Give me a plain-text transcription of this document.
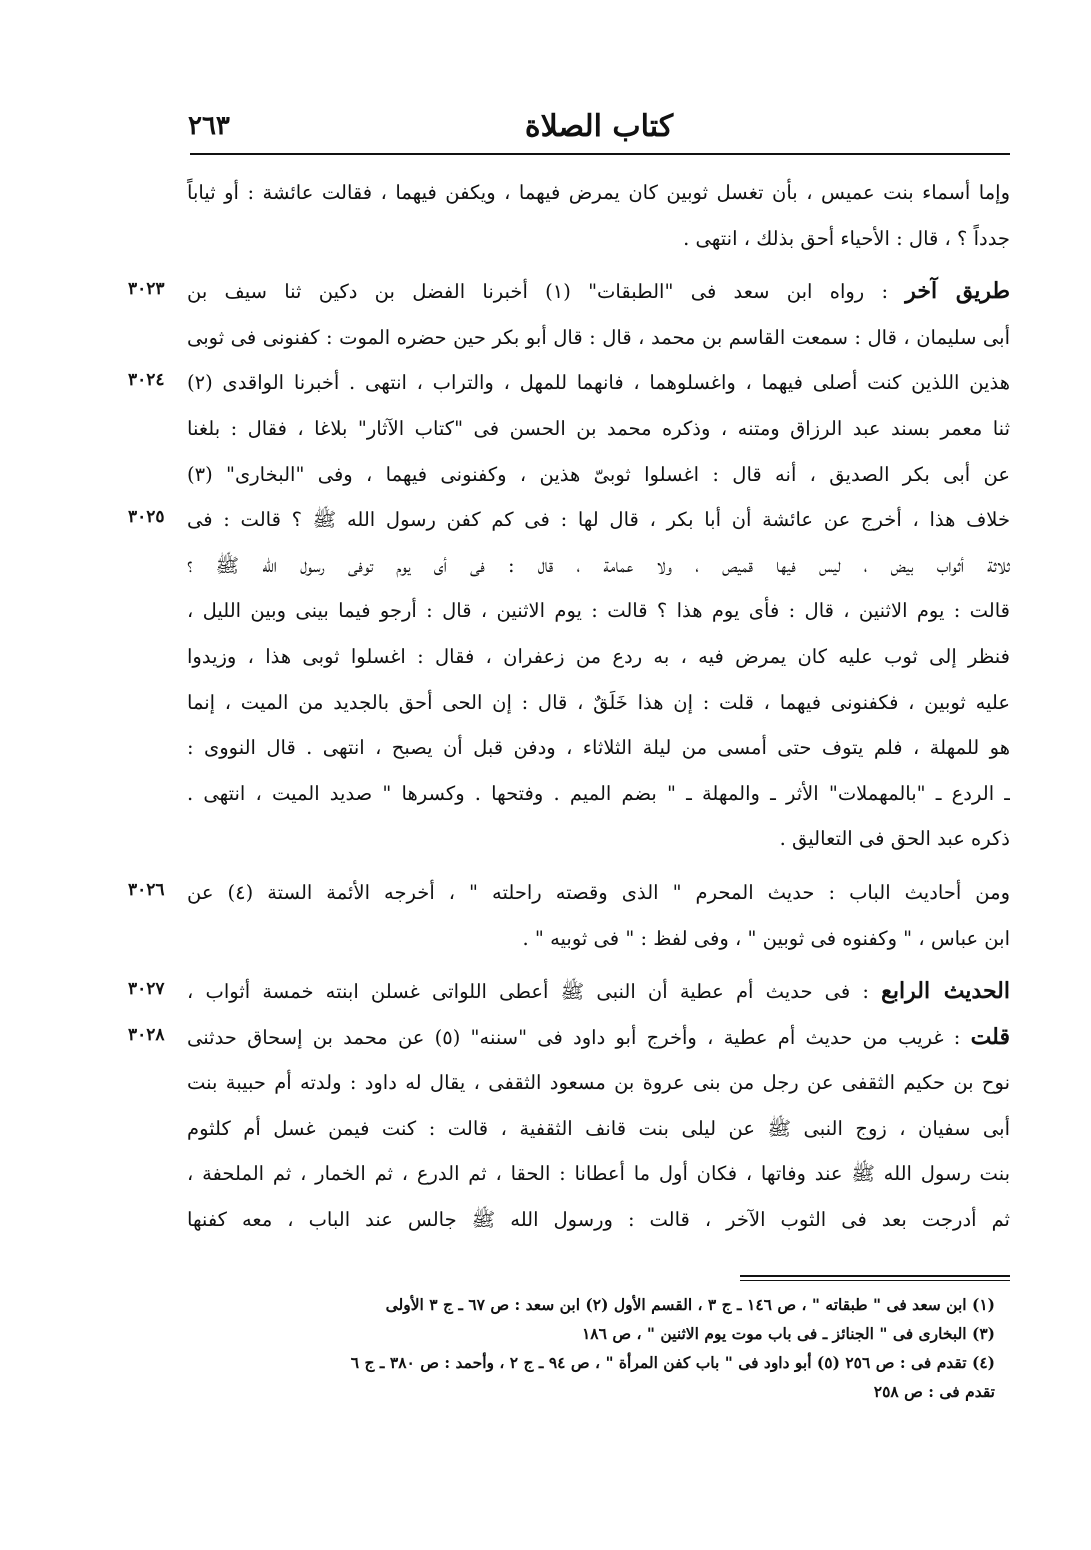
كتاب الصلاة
٢٦٣
وإما أسماء بنت عميس ، بأن تغسل ثوبين كان يمرض فيهما ، ويكفن فيهما ، فقالت عائشة : أو ثياباً
جدداً ؟ ، قال : الأحياء أحق بذلك ، انتهى .
طريق آخر : رواه ابن سعد فى "الطبقات" (١) أخبرنا الفضل بن دكين ثنا سيف بن
أبى سليمان ، قال : سمعت القاسم بن محمد ، قال : قال أبو بكر حين حضره الموت : كفنونى فى ثوبى
هذين اللذين كنت أصلى فيهما ، واغسلوهما ، فانهما للمهل ، والتراب ، انتهى . أخبرنا الواقدى (٢)
ثنا معمر بسند عبد الرزاق ومتنه ، وذكره محمد بن الحسن فى "كتاب الآثار" بلاغا ، فقال : بلغنا
عن أبى بكر الصديق ، أنه قال : اغسلوا ثوبىّ هذين ، وكفنونى فيهما ، وفى "البخارى" (٣)
خلاف هذا ، أخرج عن عائشة أن أبا بكر ، قال لها : فى كم كفن رسول الله ﷺ ؟ قالت : فى
ثلاثة أثواب بيض ، ليس فيها قميص ، ولا عمامة ، قال : فى أى يوم توفى رسول الله ﷺ ؟
قالت : يوم الاثنين ، قال : فأى يوم هذا ؟ قالت : يوم الاثنين ، قال : أرجو فيما بينى وبين الليل ،
فنظر إلى ثوب عليه كان يمرض فيه ، به ردع من زعفران ، فقال : اغسلوا ثوبى هذا ، وزيدوا
عليه ثوبين ، فكفنونى فيهما ، قلت : إن هذا خَلَقٌ ، قال : إن الحى أحق بالجديد من الميت ، إنما
هو للمهلة ، فلم يتوف حتى أمسى من ليلة الثلاثاء ، ودفن قبل أن يصبح ، انتهى . قال النووى :
ـ الردع ـ "بالمهملات" الأثر ـ والمهلة ـ " بضم الميم . وفتحها . وكسرها " صديد الميت ، انتهى .
ذكره عبد الحق فى التعاليق .
ومن أحاديث الباب : حديث المحرم " الذى وقصته راحلته " ، أخرجه الأئمة الستة (٤) عن
ابن عباس ، " وكفنوه فى ثوبين " ، وفى لفظ : " فى ثوبيه " .
الحديث الرابع : فى حديث أم عطية أن النبى ﷺ أعطى اللواتى غسلن ابنته خمسة أثواب ،
قلت : غريب من حديث أم عطية ، وأخرج أبو داود فى "سننه" (٥) عن محمد بن إسحاق حدثنى
نوح بن حكيم الثقفى عن رجل من بنى عروة بن مسعود الثقفى ، يقال له داود : ولدته أم حبيبة بنت
أبى سفيان ، زوج النبى ﷺ عن ليلى بنت قانف الثقفية ، قالت : كنت فيمن غسل أم كلثوم
بنت رسول الله ﷺ عند وفاتها ، فكان أول ما أعطانا : الحقا ، ثم الدرع ، ثم الخمار ، ثم الملحفة ،
ثم أدرجت بعد فى الثوب الآخر ، قالت : ورسول الله ﷺ جالس عند الباب ، معه كفنها
(١) ابن سعد فى " طبقاته " ، ص ١٤٦ ـ ج ٣ ، القسم الأول (٢) ابن سعد : ص ٦٧ ـ ج ٣ الأولى
(٣) البخارى فى " الجنائز ـ فى باب موت يوم الاثنين " ، ص ١٨٦
(٤) تقدم فى : ص ٢٥٦ (٥) أبو داود فى " باب كفن المرأة " ، ص ٩٤ ـ ج ٢ ، وأحمد : ص ٣٨٠ ـ ج ٦
تقدم فى : ص ٢٥٨
٣٠٢٣
٣٠٢٤
٣٠٢٥
٣٠٢٦
٣٠٢٧
٣٠٢٨
